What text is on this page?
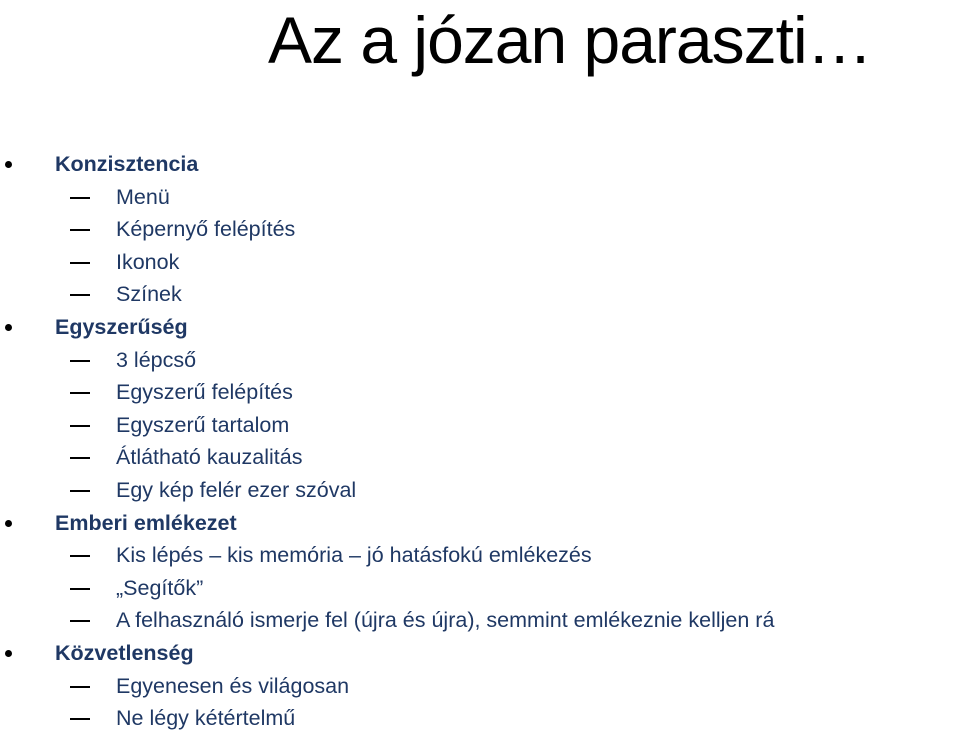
Az a józan paraszti…
Konzisztencia
Menü
Képernyő felépítés
Ikonok
Színek
Egyszerűség
3 lépcső
Egyszerű felépítés
Egyszerű tartalom
Átlátható kauzalitás
Egy kép felér ezer szóval
Emberi emlékezet
Kis lépés – kis memória – jó hatásfokú emlékezés
„Segítők”
A felhasználó ismerje fel (újra és újra), semmint emlékeznie kelljen rá
Közvetlenség
Egyenesen és világosan
Ne légy kétértelmű
